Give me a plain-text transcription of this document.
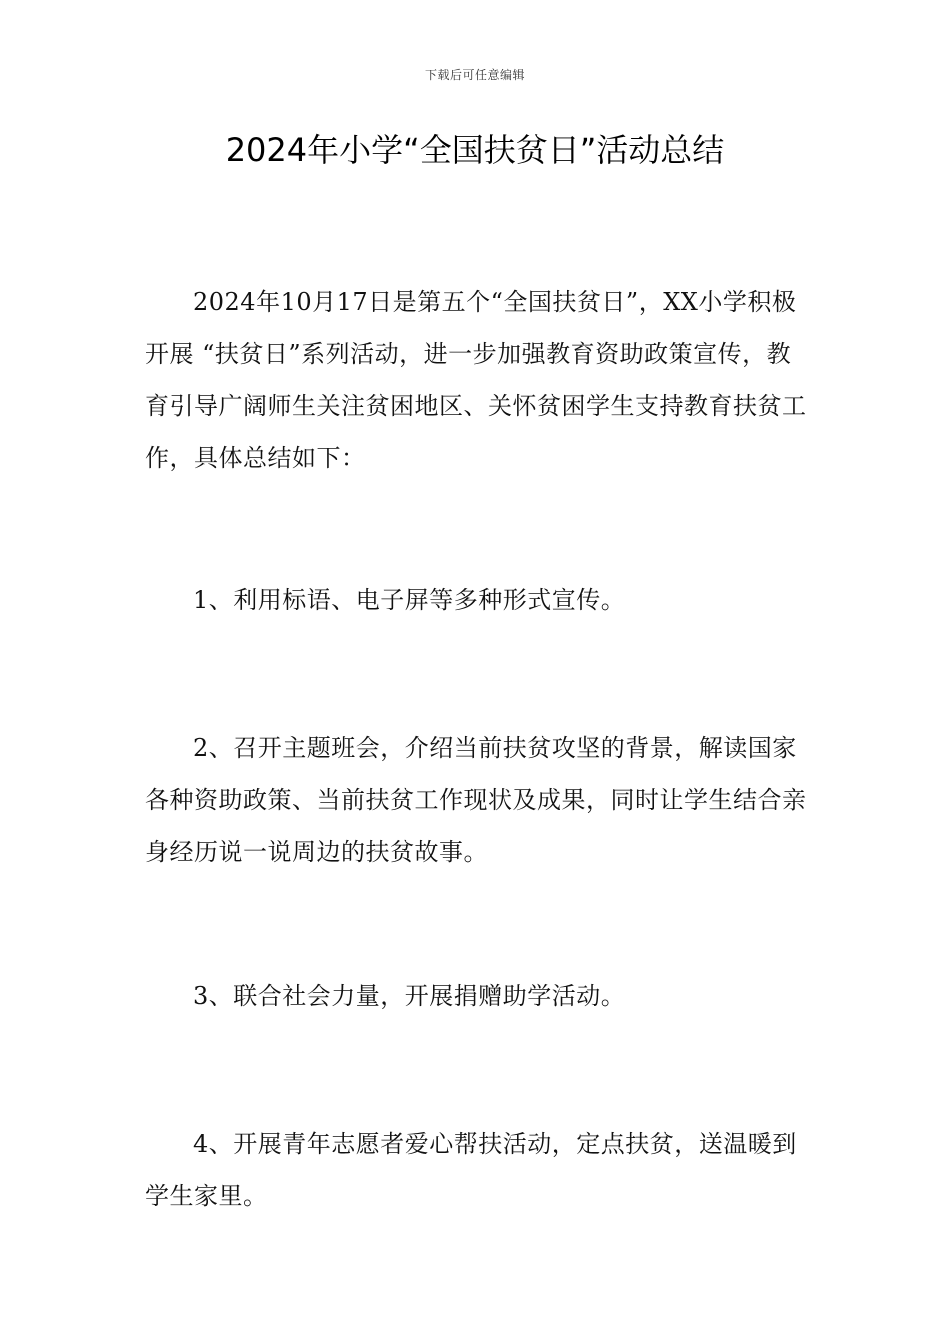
下载后可任意编辑
2024年小学“全国扶贫日”活动总结

2024年10月17日是第五个“全国扶贫日”，XX小学积极开展 “扶贫日”系列活动，进一步加强教育资助政策宣传，教育引导广阔师生关注贫困地区、关怀贫困学生支持教育扶贫工作，具体总结如下：

1、利用标语、电子屏等多种形式宣传。

2、召开主题班会，介绍当前扶贫攻坚的背景，解读国家各种资助政策、当前扶贫工作现状及成果，同时让学生结合亲身经历说一说周边的扶贫故事。

3、联合社会力量，开展捐赠助学活动。

4、开展青年志愿者爱心帮扶活动，定点扶贫，送温暖到学生家里。
